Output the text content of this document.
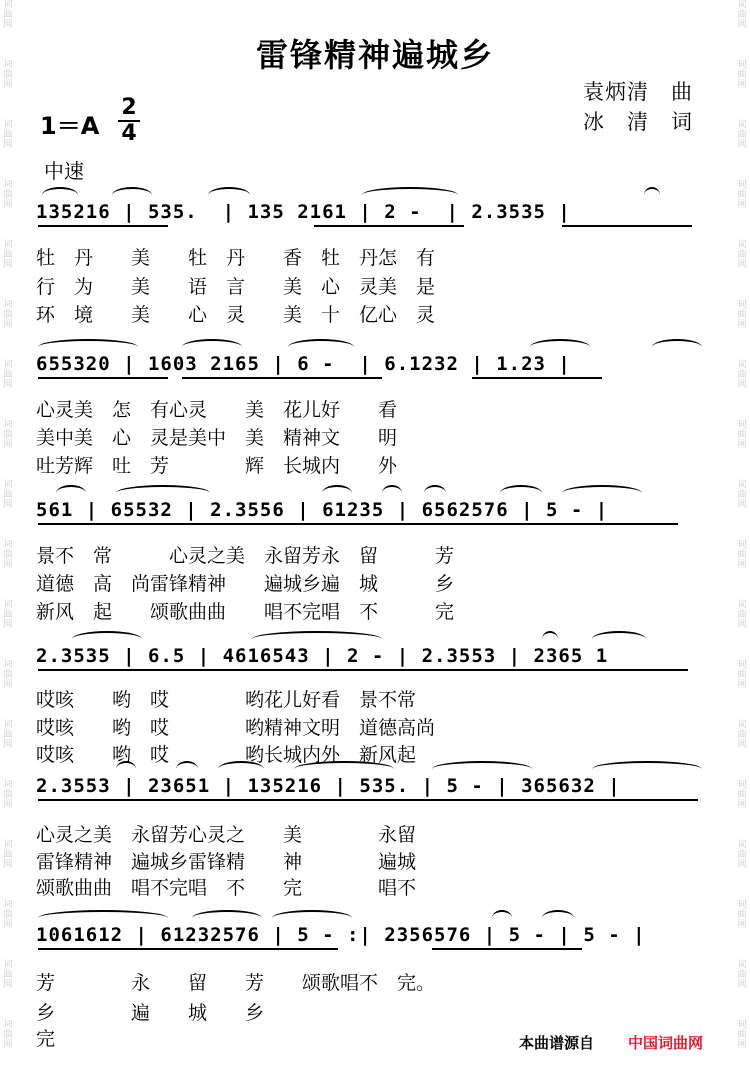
词曲网
词曲网
词曲网
词曲网
词曲网
词曲网
词曲网
词曲网
词曲网
词曲网
词曲网
词曲网
词曲网
词曲网
词曲网
词曲网
词曲网
词曲网
词曲网
词曲网
词曲网
词曲网
词曲网
词曲网
词曲网
词曲网
词曲网
词曲网
词曲网
词曲网
词曲网
词曲网
词曲网
词曲网
词曲网
词曲网
雷锋精神遍城乡
袁炳清　曲
冰　清　词
1＝A
2
4
中速
135216 | 535.  | 135 2161 | 2 -  | 2.3535 |
牡　丹　　美　　牡　丹　　香　牡　丹怎　有
行　为　　美　　语　言　　美　心　灵美　是
环　境　　美　　心　灵　　美　十　亿心　灵
655320 | 1603 2165 | 6 -  | 6.1232 | 1.23 |
心灵美　怎　有心灵　　美　花儿好　　看
美中美　心　灵是美中　美　精神文　　明
吐芳辉　吐　芳　　　　辉　长城内　　外
561 | 65532 | 2.3556 | 61235 | 6562576 | 5 - |
景不　常　　　心灵之美　永留芳永　留　　　芳
道德　高　尚雷锋精神　　遍城乡遍　城　　　乡
新风　起　　颂歌曲曲　　唱不完唱　不　　　完
2.3535 | 6.5 | 4616543 | 2 - | 2.3553 | 2365 1
哎咳　　哟　哎　　　　哟花儿好看　景不常
哎咳　　哟　哎　　　　哟精神文明　道德高尚
哎咳　　哟　哎　　　　哟长城内外　新风起
2.3553 | 23651 | 135216 | 535. | 5 - | 365632 |
心灵之美　永留芳心灵之　　美　　　　永留
雷锋精神　遍城乡雷锋精　　神　　　　遍城
颂歌曲曲　唱不完唱　不　　完　　　　唱不
1061612 | 61232576 | 5 - :| 2356576 | 5 - | 5 - |
芳　　　　永　　留　　芳　　颂歌唱不　完。
乡　　　　遍　　城　　乡
完	本曲谱源自 中国词曲网
